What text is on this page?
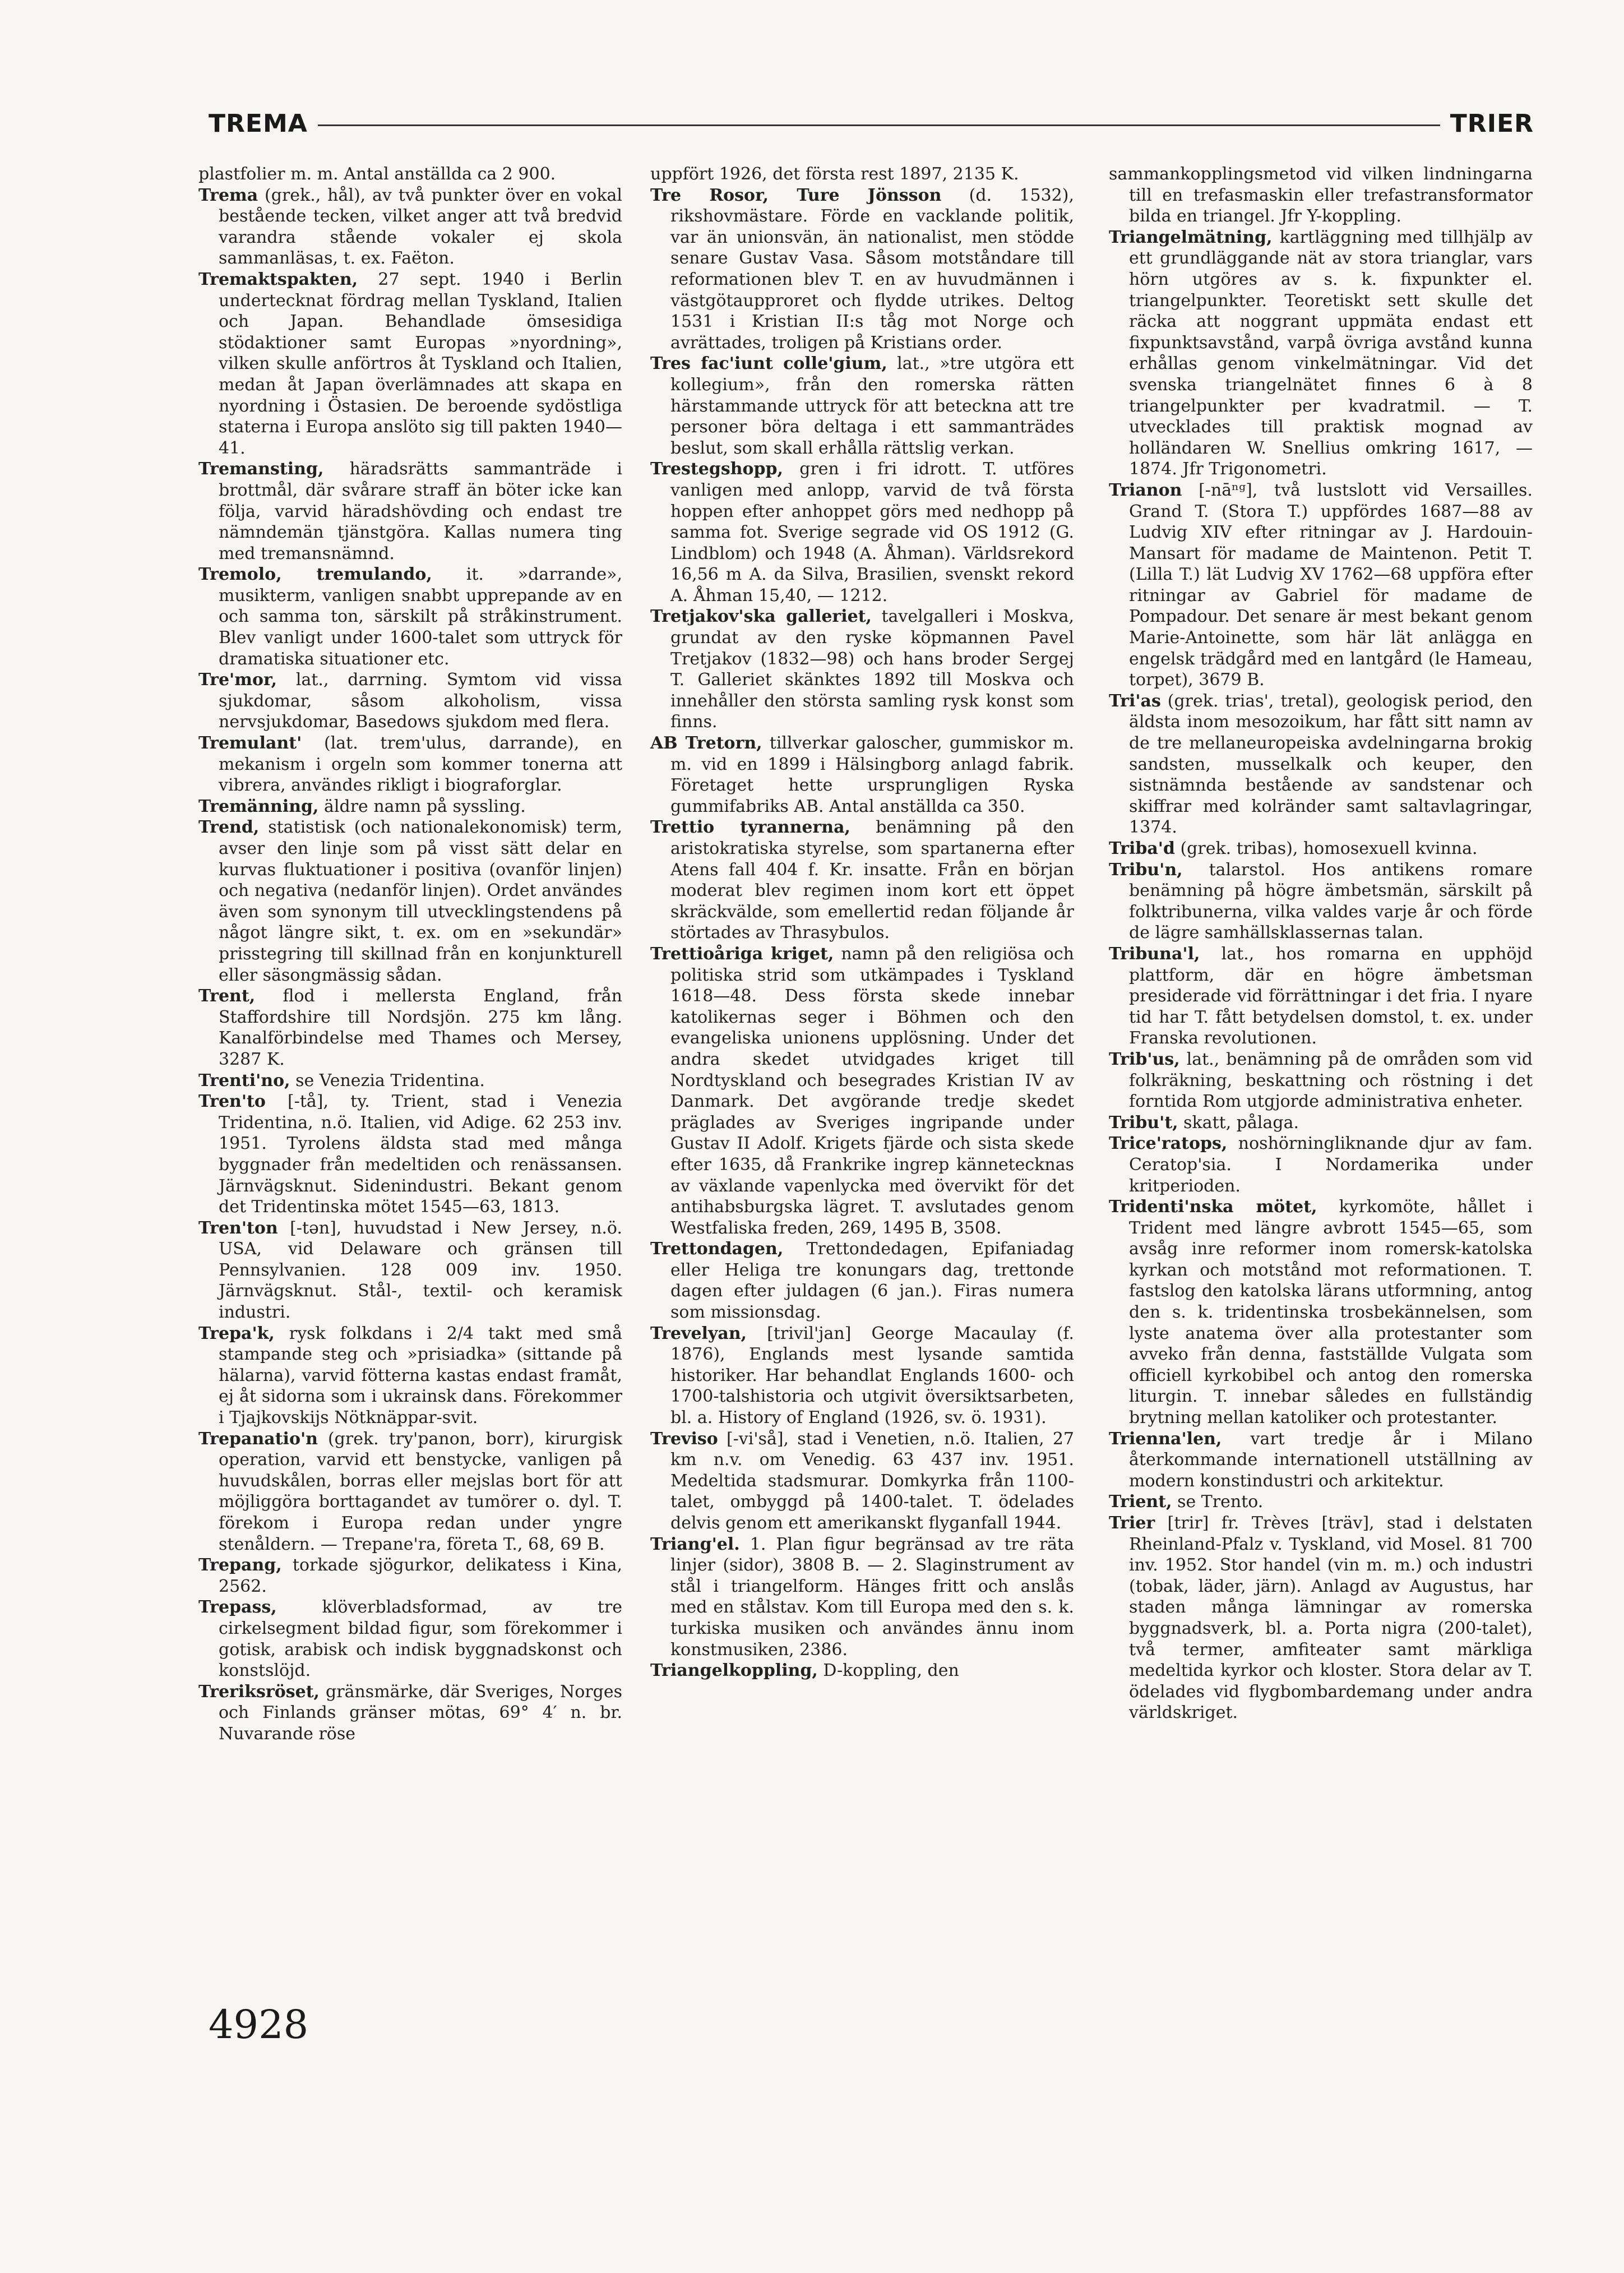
TREMA	TRIER

plastfolier m. m. Antal anställda ca 2 900.

Trema (grek., hål), av två punkter över en vokal bestående tecken, vilket anger att två bredvid varandra stående vokaler ej skola sammanläsas, t. ex. Faëton.

Tremaktspakten, 27 sept. 1940 i Berlin undertecknat fördrag mellan Tyskland, Italien och Japan. Behandlade ömsesidiga stödaktioner samt Europas »nyordning», vilken skulle anförtros åt Tyskland och Italien, medan åt Japan överlämnades att skapa en nyordning i Östasien. De beroende sydöstliga staterna i Europa anslöto sig till pakten 1940—41.

Tremansting, häradsrätts sammanträde i brottmål, där svårare straff än böter icke kan följa, varvid häradshövding och endast tre nämndemän tjänstgöra. Kallas numera ting med tremansnämnd.

Tremolo, tremulando, it. »darrande», musikterm, vanligen snabbt upprepande av en och samma ton, särskilt på stråkinstrument. Blev vanligt under 1600-talet som uttryck för dramatiska situationer etc.

Tre'mor, lat., darrning. Symtom vid vissa sjukdomar, såsom alkoholism, vissa nervsjukdomar, Basedows sjukdom med flera.

Tremulant' (lat. trem'ulus, darrande), en mekanism i orgeln som kommer tonerna att vibrera, användes rikligt i biograforglar.

Tremänning, äldre namn på syssling.

Trend, statistisk (och nationalekonomisk) term, avser den linje som på visst sätt delar en kurvas fluktuationer i positiva (ovanför linjen) och negativa (nedanför linjen). Ordet användes även som synonym till utvecklingstendens på något längre sikt, t. ex. om en »sekundär» prisstegring till skillnad från en konjunkturell eller säsongmässig sådan.

Trent, flod i mellersta England, från Staffordshire till Nordsjön. 275 km lång. Kanalförbindelse med Thames och Mersey, 3287 K.

Trenti'no, se Venezia Tridentina.

Tren'to [-tå], ty. Trient, stad i Venezia Tridentina, n.ö. Italien, vid Adige. 62 253 inv. 1951. Tyrolens äldsta stad med många byggnader från medeltiden och renässansen. Järnvägsknut. Sidenindustri. Bekant genom det Tridentinska mötet 1545—63, 1813.

Tren'ton [-tən], huvudstad i New Jersey, n.ö. USA, vid Delaware och gränsen till Pennsylvanien. 128 009 inv. 1950. Järnvägsknut. Stål-, textil- och keramisk industri.

Trepa'k, rysk folkdans i 2/4 takt med små stampande steg och »prisiadka» (sittande på hälarna), varvid fötterna kastas endast framåt, ej åt sidorna som i ukrainsk dans. Förekommer i Tjajkovskijs Nötknäppar-svit.

Trepanatio'n (grek. try'panon, borr), kirurgisk operation, varvid ett benstycke, vanligen på huvudskålen, borras eller mejslas bort för att möjliggöra borttagandet av tumörer o. dyl. T. förekom i Europa redan under yngre stenåldern. — Trepane'ra, företa T., 68, 69 B.

Trepang, torkade sjögurkor, delikatess i Kina, 2562.

Trepass, klöverbladsformad, av tre cirkelsegment bildad figur, som förekommer i gotisk, arabisk och indisk byggnadskonst och konstslöjd.

Treriksröset, gränsmärke, där Sveriges, Norges och Finlands gränser mötas, 69° 4′ n. br. Nuvarande röse

uppfört 1926, det första rest 1897, 2135 K.

Tre Rosor, Ture Jönsson (d. 1532), rikshovmästare. Förde en vacklande politik, var än unionsvän, än nationalist, men stödde senare Gustav Vasa. Såsom motståndare till reformationen blev T. en av huvudmännen i västgötaupproret och flydde utrikes. Deltog 1531 i Kristian II:s tåg mot Norge och avrättades, troligen på Kristians order.

Tres fac'iunt colle'gium, lat., »tre utgöra ett kollegium», från den romerska rätten härstammande uttryck för att beteckna att tre personer böra deltaga i ett sammanträdes beslut, som skall erhålla rättslig verkan.

Trestegshopp, gren i fri idrott. T. utföres vanligen med anlopp, varvid de två första hoppen efter anhoppet görs med nedhopp på samma fot. Sverige segrade vid OS 1912 (G. Lindblom) och 1948 (A. Åhman). Världsrekord 16,56 m A. da Silva, Brasilien, svenskt rekord A. Åhman 15,40, — 1212.

Tretjakov'ska galleriet, tavelgalleri i Moskva, grundat av den ryske köpmannen Pavel Tretjakov (1832—98) och hans broder Sergej T. Galleriet skänktes 1892 till Moskva och innehåller den största samling rysk konst som finns.

AB Tretorn, tillverkar galoscher, gummiskor m. m. vid en 1899 i Hälsingborg anlagd fabrik. Företaget hette ursprungligen Ryska gummifabriks AB. Antal anställda ca 350.

Trettio tyrannerna, benämning på den aristokratiska styrelse, som spartanerna efter Atens fall 404 f. Kr. insatte. Från en början moderat blev regimen inom kort ett öppet skräckvälde, som emellertid redan följande år störtades av Thrasybulos.

Trettioåriga kriget, namn på den religiösa och politiska strid som utkämpades i Tyskland 1618—48. Dess första skede innebar katolikernas seger i Böhmen och den evangeliska unionens upplösning. Under det andra skedet utvidgades kriget till Nordtyskland och besegrades Kristian IV av Danmark. Det avgörande tredje skedet präglades av Sveriges ingripande under Gustav II Adolf. Krigets fjärde och sista skede efter 1635, då Frankrike ingrep kännetecknas av växlande vapenlycka med övervikt för det antihabsburgska lägret. T. avslutades genom Westfaliska freden, 269, 1495 B, 3508.

Trettondagen, Trettondedagen, Epifaniadag eller Heliga tre konungars dag, trettonde dagen efter juldagen (6 jan.). Firas numera som missionsdag.

Trevelyan, [trivil'jan] George Macaulay (f. 1876), Englands mest lysande samtida historiker. Har behandlat Englands 1600- och 1700-talshistoria och utgivit översiktsarbeten, bl. a. History of England (1926, sv. ö. 1931).

Treviso [-vi'så], stad i Venetien, n.ö. Italien, 27 km n.v. om Venedig. 63 437 inv. 1951. Medeltida stadsmurar. Domkyrka från 1100-talet, ombyggd på 1400-talet. T. ödelades delvis genom ett amerikanskt flyganfall 1944.

Triang'el. 1. Plan figur begränsad av tre räta linjer (sidor), 3808 B. — 2. Slaginstrument av stål i triangelform. Hänges fritt och anslås med en stålstav. Kom till Europa med den s. k. turkiska musiken och användes ännu inom konstmusiken, 2386.

Triangelkoppling, D-koppling, den

sammankopplingsmetod vid vilken lindningarna till en trefasmaskin eller trefastransformator bilda en triangel. Jfr Y-koppling.

Triangelmätning, kartläggning med tillhjälp av ett grundläggande nät av stora trianglar, vars hörn utgöres av s. k. fixpunkter el. triangelpunkter. Teoretiskt sett skulle det räcka att noggrant uppmäta endast ett fixpunktsavstånd, varpå övriga avstånd kunna erhållas genom vinkelmätningar. Vid det svenska triangelnätet finnes 6 à 8 triangelpunkter per kvadratmil. — T. utvecklades till praktisk mognad av holländaren W. Snellius omkring 1617, — 1874. Jfr Trigonometri.

Trianon [-nāⁿᵍ], två lustslott vid Versailles. Grand T. (Stora T.) uppfördes 1687—88 av Ludvig XIV efter ritningar av J. Hardouin-Mansart för madame de Maintenon. Petit T. (Lilla T.) lät Ludvig XV 1762—68 uppföra efter ritningar av Gabriel för madame de Pompadour. Det senare är mest bekant genom Marie-Antoinette, som här lät anlägga en engelsk trädgård med en lantgård (le Hameau, torpet), 3679 B.

Tri'as (grek. trias', tretal), geologisk period, den äldsta inom mesozoikum, har fått sitt namn av de tre mellaneuropeiska avdelningarna brokig sandsten, musselkalk och keuper, den sistnämnda bestående av sandstenar och skiffrar med kolränder samt saltavlagringar, 1374.

Triba'd (grek. tribas), homosexuell kvinna.

Tribu'n, talarstol. Hos antikens romare benämning på högre ämbetsmän, särskilt på folktribunerna, vilka valdes varje år och förde de lägre samhällsklassernas talan.

Tribuna'l, lat., hos romarna en upphöjd plattform, där en högre ämbetsman presiderade vid förrättningar i det fria. I nyare tid har T. fått betydelsen domstol, t. ex. under Franska revolutionen.

Trib'us, lat., benämning på de områden som vid folkräkning, beskattning och röstning i det forntida Rom utgjorde administrativa enheter.

Tribu't, skatt, pålaga.

Trice'ratops, noshörningliknande djur av fam. Ceratop'sia. I Nordamerika under kritperioden.

Tridenti'nska mötet, kyrkomöte, hållet i Trident med längre avbrott 1545—65, som avsåg inre reformer inom romersk-katolska kyrkan och motstånd mot reformationen. T. fastslog den katolska lärans utformning, antog den s. k. tridentinska trosbekännelsen, som lyste anatema över alla protestanter som avveko från denna, fastställde Vulgata som officiell kyrkobibel och antog den romerska liturgin. T. innebar således en fullständig brytning mellan katoliker och protestanter.

Trienna'len, vart tredje år i Milano återkommande internationell utställning av modern konstindustri och arkitektur.

Trient, se Trento.

Trier [trir] fr. Trèves [träv], stad i delstaten Rheinland-Pfalz v. Tyskland, vid Mosel. 81 700 inv. 1952. Stor handel (vin m. m.) och industri (tobak, läder, järn). Anlagd av Augustus, har staden många lämningar av romerska byggnadsverk, bl. a. Porta nigra (200-talet), två termer, amfiteater samt märkliga medeltida kyrkor och kloster. Stora delar av T. ödelades vid flygbombardemang under andra världskriget.

4928
